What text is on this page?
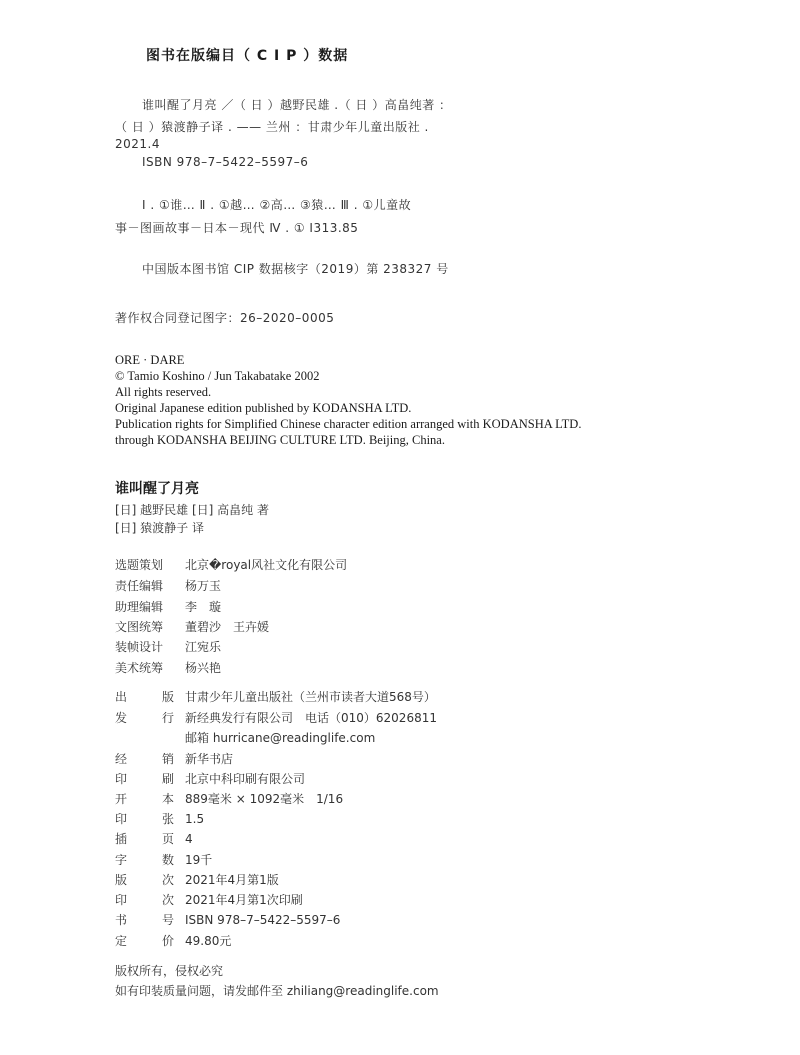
图书在版编目（ C I P ）数据
谁叫醒了月亮 ／（ 日 ）越野民雄 .（ 日 ）高畠纯著 ：
（ 日 ）猿渡静子译 . —— 兰州 ：甘肃少年儿童出版社 .
2021.4
ISBN 978–7–5422–5597–6
Ⅰ . ①谁… Ⅱ . ①越… ②高… ③猿… Ⅲ . ①儿童故
事－图画故事－日本－现代 Ⅳ . ① I313.85
中国版本图书馆 CIP 数据核字（2019）第 238327 号
著作权合同登记图字：26–2020–0005
ORE · DARE
© Tamio Koshino / Jun Takabatake 2002
All rights reserved.
Original Japanese edition published by KODANSHA LTD.
Publication rights for Simplified Chinese character edition arranged with KODANSHA LTD.
through KODANSHA BEIJING CULTURE LTD. Beijing, China.
谁叫醒了月亮
[日] 越野民雄 [日] 高畠纯 著
[日] 猿渡静子 译
选题策划 北京�royal风社文化有限公司
责任编辑 杨万玉
助理编辑 李　璇
文图统筹 董碧沙　王卉媛
装帧设计 江宛乐
美术统筹 杨兴艳
出	版 甘肃少年儿童出版社（兰州市读者大道568号）
发	行 新经典发行有限公司　电话（010）62026811
邮箱 hurricane@readinglife.com
经	销 新华书店
印	刷 北京中科印刷有限公司
开	本 889毫米 × 1092毫米　1/16
印	张 1.5
插	页 4
字	数 19千
版	次 2021年4月第1版
印	次 2021年4月第1次印刷
书	号 ISBN 978–7–5422–5597–6
定	价 49.80元
版权所有，侵权必究
如有印装质量问题，请发邮件至 zhiliang@readinglife.com
